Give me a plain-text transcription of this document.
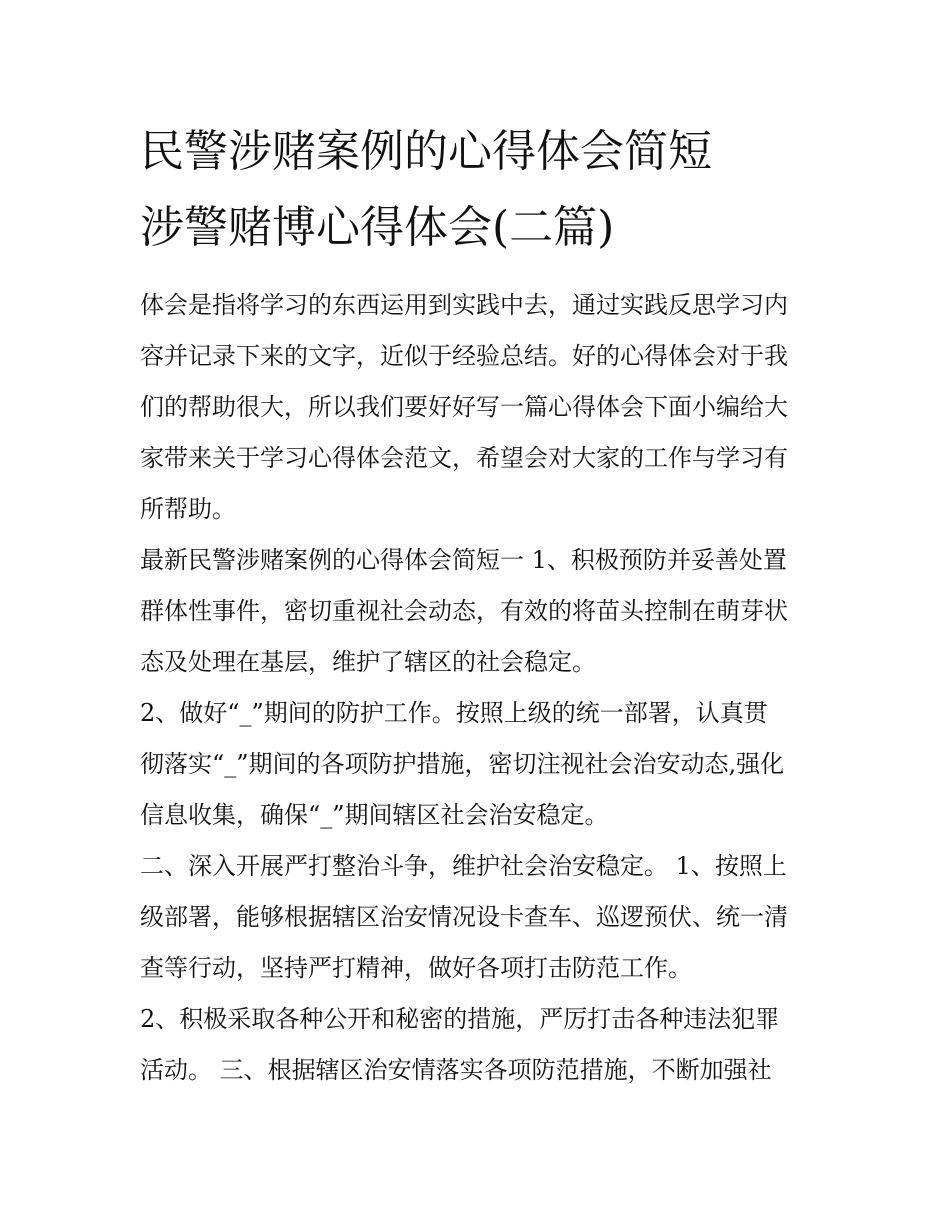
民警涉赌案例的心得体会简短
涉警赌博心得体会(二篇)
体会是指将学习的东西运用到实践中去，通过实践反思学习内
容并记录下来的文字，近似于经验总结。好的心得体会对于我
们的帮助很大，所以我们要好好写一篇心得体会下面小编给大
家带来关于学习心得体会范文，希望会对大家的工作与学习有
所帮助。
最新民警涉赌案例的心得体会简短一 1、积极预防并妥善处置
群体性事件，密切重视社会动态，有效的将苗头控制在萌芽状
态及处理在基层，维护了辖区的社会稳定。
2、做好“_”期间的防护工作。按照上级的统一部署，认真贯
彻落实“_”期间的各项防护措施，密切注视社会治安动态,强化
信息收集，确保“_”期间辖区社会治安稳定。
二、深入开展严打整治斗争，维护社会治安稳定。 1、按照上
级部署，能够根据辖区治安情况设卡查车、巡逻预伏、统一清
查等行动，坚持严打精神，做好各项打击防范工作。
2、积极采取各种公开和秘密的措施，严厉打击各种违法犯罪
活动。 三、根据辖区治安情落实各项防范措施，不断加强社
